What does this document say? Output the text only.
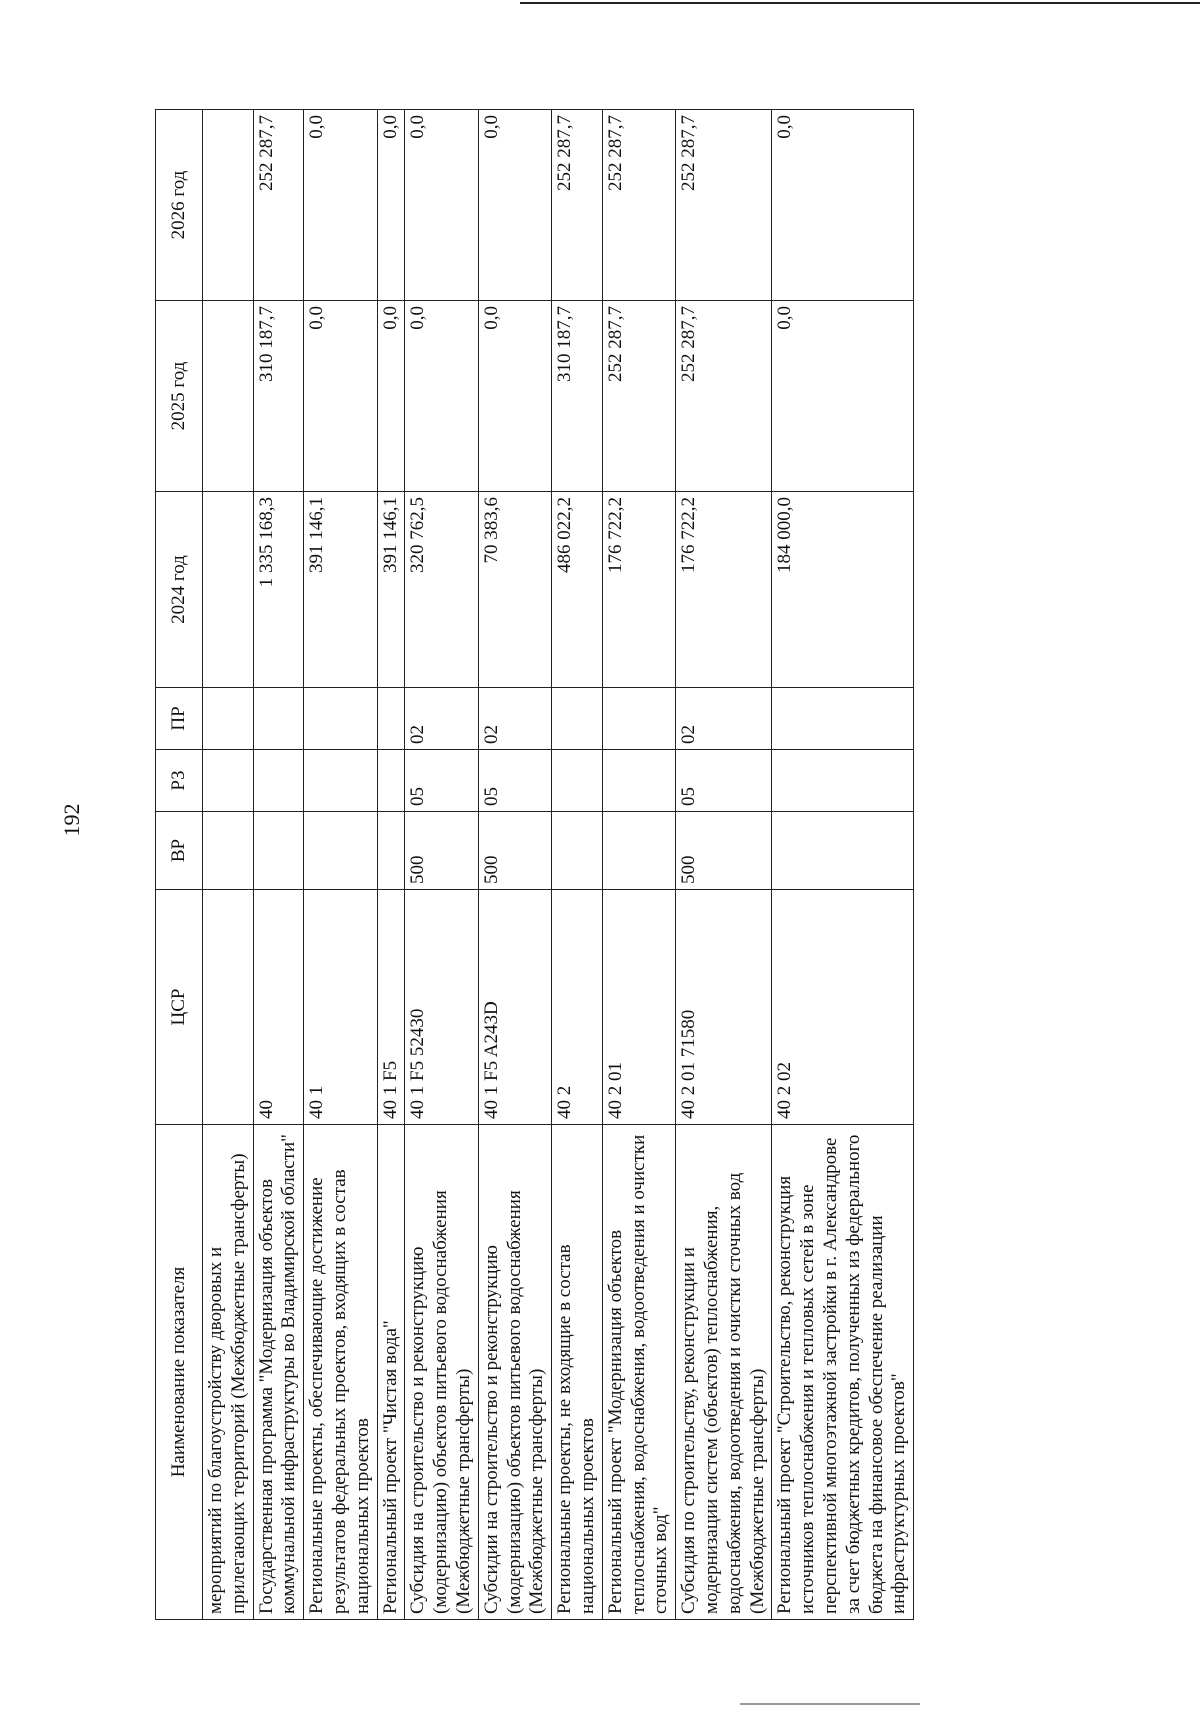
192
Наименование показателя	ЦСР	ВР	РЗ	ПР	2024 год	2025 год	2026 год
мероприятий по благоустройству дворовых и прилегающих территорий (Межбюджетные трансферты)							
Государственная программа "Модернизация объектов коммунальной инфраструктуры во Владимирской области"	40				1 335 168,3	310 187,7	252 287,7
Региональные проекты, обеспечивающие достижение результатов федеральных проектов, входящих в состав национальных проектов	40 1				391 146,1	0,0	0,0
Региональный проект "Чистая вода"	40 1 F5				391 146,1	0,0	0,0
Субсидия на строительство и реконструкцию (модернизацию) объектов питьевого водоснабжения (Межбюджетные трансферты)	40 1 F5 52430	500	05	02	320 762,5	0,0	0,0
Субсидии на строительство и реконструкцию (модернизацию) объектов питьевого водоснабжения (Межбюджетные трансферты)	40 1 F5 A243D	500	05	02	70 383,6	0,0	0,0
Региональные проекты, не входящие в состав национальных проектов	40 2				486 022,2	310 187,7	252 287,7
Региональный проект "Модернизация объектов теплоснабжения, водоснабжения, водоотведения и очистки сточных вод"	40 2 01				176 722,2	252 287,7	252 287,7
Субсидия по строительству, реконструкции и модернизации систем (объектов) теплоснабжения, водоснабжения, водоотведения и очистки сточных вод (Межбюджетные трансферты)	40 2 01 71580	500	05	02	176 722,2	252 287,7	252 287,7
Региональный проект "Строительство, реконструкция источников теплоснабжения и тепловых сетей в зоне перспективной многоэтажной застройки в г. Александрове за счет бюджетных кредитов, полученных из федерального бюджета на финансовое обеспечение реализации инфраструктурных проектов"	40 2 02				184 000,0	0,0	0,0
